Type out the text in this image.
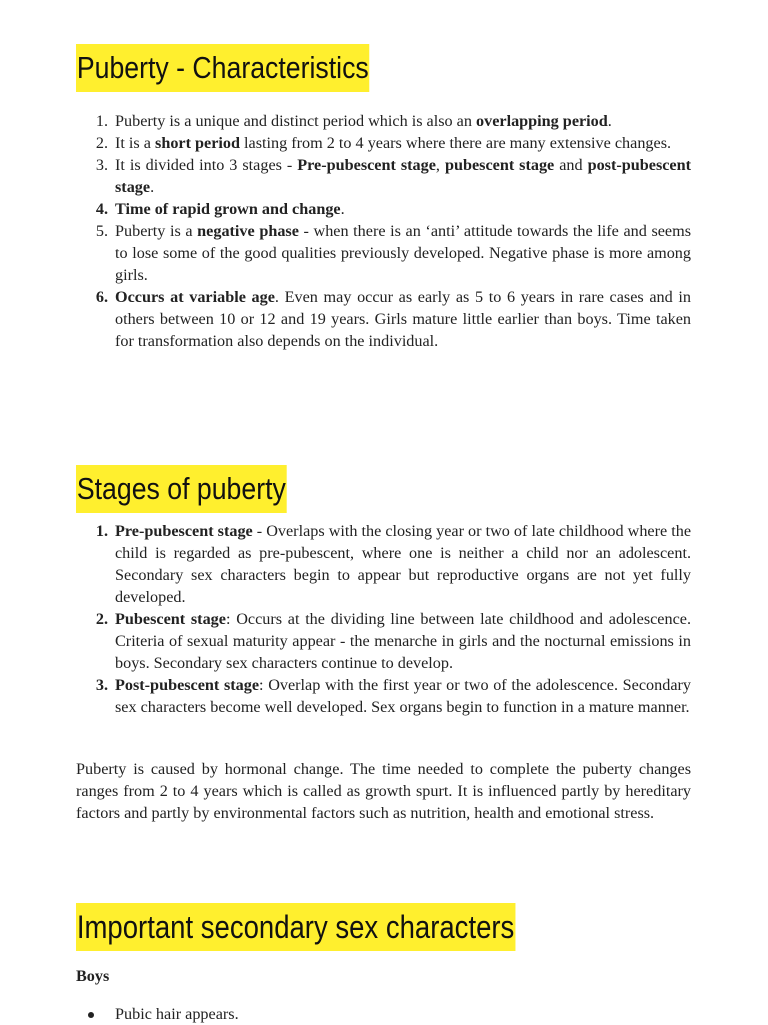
Puberty - Characteristics
1. Puberty is a unique and distinct period which is also an overlapping period.
2. It is a short period lasting from 2 to 4 years where there are many extensive changes.
3. It is divided into 3 stages - Pre-pubescent stage, pubescent stage and post-pubescent stage.
4. Time of rapid grown and change.
5. Puberty is a negative phase - when there is an ‘anti’ attitude towards the life and seems to lose some of the good qualities previously developed. Negative phase is more among girls.
6. Occurs at variable age. Even may occur as early as 5 to 6 years in rare cases and in others between 10 or 12 and 19 years. Girls mature little earlier than boys. Time taken for transformation also depends on the individual.
Stages of puberty
1. Pre-pubescent stage - Overlaps with the closing year or two of late childhood where the child is regarded as pre-pubescent, where one is neither a child nor an adolescent. Secondary sex characters begin to appear but reproductive organs are not yet fully developed.
2. Pubescent stage: Occurs at the dividing line between late childhood and adolescence. Criteria of sexual maturity appear - the menarche in girls and the nocturnal emissions in boys. Secondary sex characters continue to develop.
3. Post-pubescent stage: Overlap with the first year or two of the adolescence. Secondary sex characters become well developed. Sex organs begin to function in a mature manner.

Puberty is caused by hormonal change. The time needed to complete the puberty changes ranges from 2 to 4 years which is called as growth spurt. It is influenced partly by hereditary factors and partly by environmental factors such as nutrition, health and emotional stress.

Important secondary sex characters
Boys
Pubic hair appears.
